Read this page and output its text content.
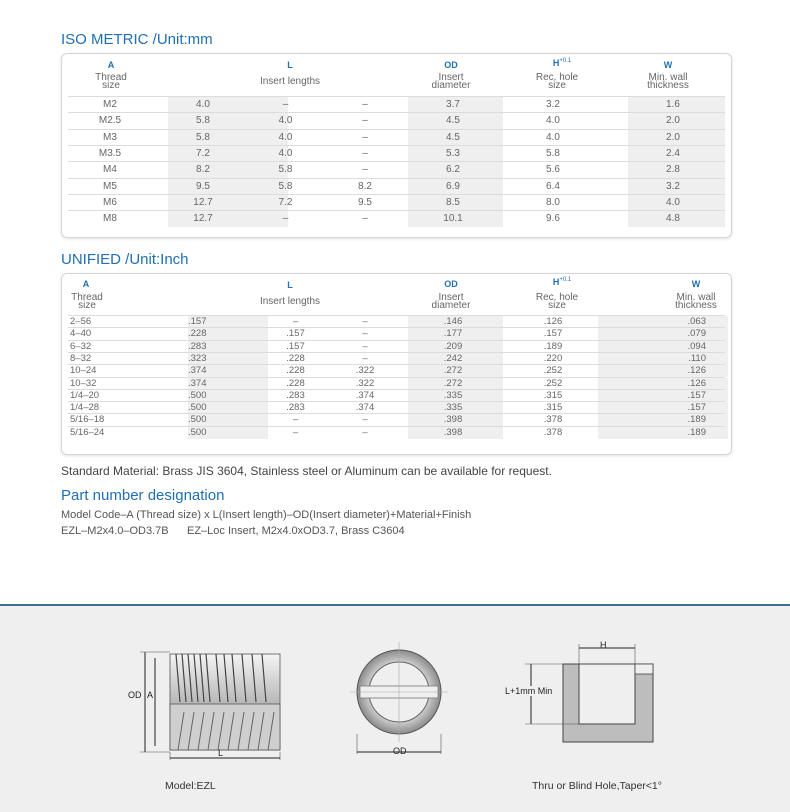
ISO METRIC /Unit:mm
A
Thread
size
L
Insert lengths
OD
Insert
diameter
$H^{+0.1}$
Rec. hole
size
W
Min. wall
thickness
M2	4.0	–	–	3.7	3.2	1.6
M2.5	5.8	4.0	–	4.5	4.0	2.0
M3	5.8	4.0	–	4.5	4.0	2.0
M3.5	7.2	4.0	–	5.3	5.8	2.4
M4	8.2	5.8	–	6.2	5.6	2.8
M5	9.5	5.8	8.2	6.9	6.4	3.2
M6	12.7	7.2	9.5	8.5	8.0	4.0
M8	12.7	–	–	10.1	9.6	4.8
UNIFIED /Unit:Inch
A
Thread
size
L
Insert lengths
OD
Insert
diameter
$H^{+0.1}$
Rec. hole
size
W
Min. wall
thickness
2–56	.157	–	–	.146	.126	.063
4–40	.228	.157	–	.177	.157	.079
6–32	.283	.157	–	.209	.189	.094
8–32	.323	.228	–	.242	.220	.110
10–24	.374	.228	.322	.272	.252	.126
10–32	.374	.228	.322	.272	.252	.126
1/4–20	.500	.283	.374	.335	.315	.157
1/4–28	.500	.283	.374	.335	.315	.157
5/16–18	.500	–	–	.398	.378	.189
5/16–24	.500	–	–	.398	.378	.189
Standard Material: Brass JIS 3604, Stainless steel or Aluminum can be available for request.
Part number designation
Model Code–A (Thread size) x L(Insert length)–OD(Insert diameter)+Material+Finish
EZL–M2x4.0–OD3.7B EZ–Loc Insert, M2x4.0xOD3.7, Brass C3604
OD A
L	OD
H
L+1mm Min
Model:EZL	Thru or Blind Hole,Taper<1°
